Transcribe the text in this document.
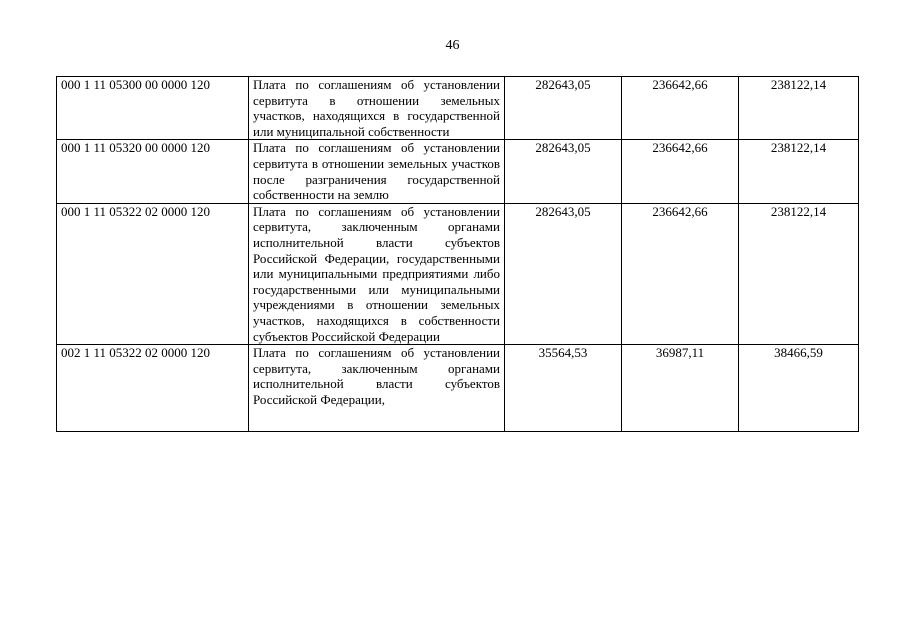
46
000 1 11 05300 00 0000 120	Плата по соглашениям об установлении сервитута в отношении земельных участков, находящихся в государственной или муниципальной собственности	282643,05	236642,66	238122,14
000 1 11 05320 00 0000 120	Плата по соглашениям об установлении сервитута в отношении земельных участков после разграничения государственной собственности на землю	282643,05	236642,66	238122,14
000 1 11 05322 02 0000 120	Плата по соглашениям об установлении сервитута, заключенным органами исполнительной власти субъектов Российской Федерации, государственными или муниципальными предприятиями либо государственными или муниципальными учреждениями в отношении земельных участков, находящихся в собственности субъектов Российской Федерации	282643,05	236642,66	238122,14
002 1 11 05322 02 0000 120	Плата по соглашениям об установлении сервитута, заключенным органами исполнительной власти субъектов Российской Федерации,	35564,53	36987,11	38466,59
